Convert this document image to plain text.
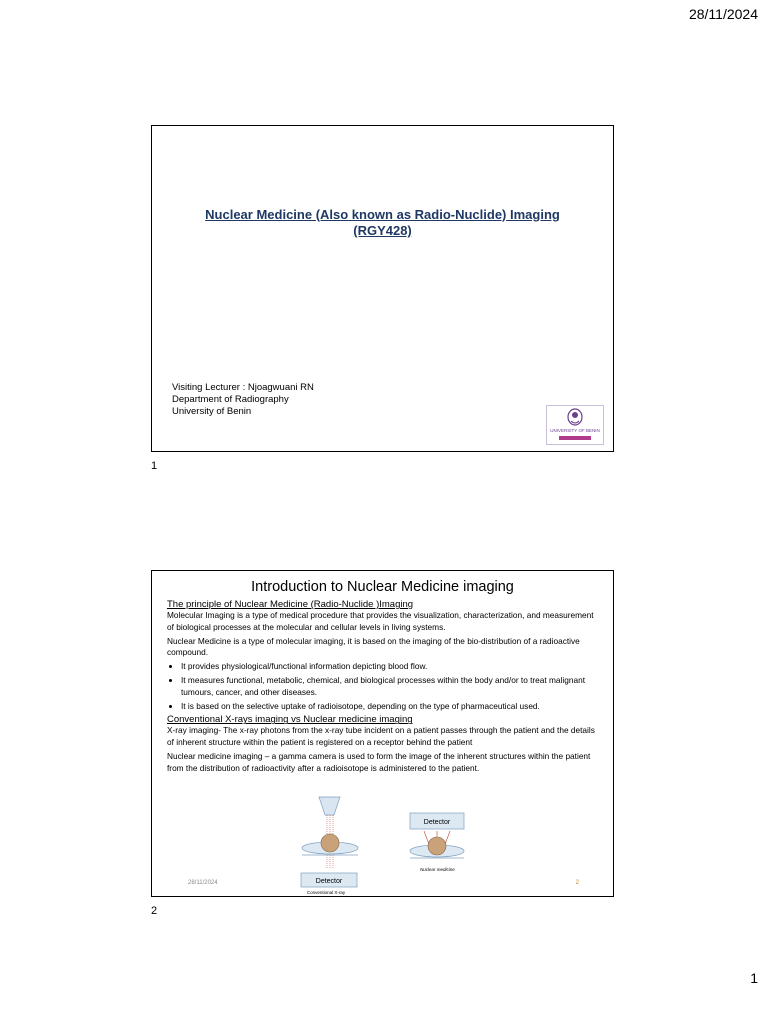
28/11/2024
Nuclear Medicine (Also known as Radio-Nuclide) Imaging
(RGY428)
Visiting Lecturer : Njoagwuani RN
Department of Radiography
University of Benin
UNIVERSITY OF BENIN
1
Introduction to Nuclear Medicine imaging
The principle of Nuclear Medicine (Radio-Nuclide )Imaging

Molecular Imaging is a type of medical procedure that provides the visualization, characterization, and measurement of biological processes at the molecular and cellular levels in living systems.

Nuclear Medicine is a type of molecular imaging, it is based on the imaging of the bio-distribution of a radioactive compound.

• It provides physiological/functional information depicting blood flow.
• It measures functional, metabolic, chemical, and biological processes within the body and/or to treat malignant tumours, cancer, and other diseases.
• It is based on the selective uptake of radioisotope, depending on the type of pharmaceutical used.
Conventional X-rays imaging vs Nuclear medicine imaging

X-ray imaging- The x-ray photons from the x-ray tube incident on a patient passes through the patient and the details of inherent structure within the patient is registered on a receptor behind the patient

Nuclear medicine imaging – a gamma camera is used to form the image of the inherent structures within the patient from the distribution of radioactivity after a radioisotope is administered to the patient.

Detector
Conventional X-ray
Detector
Nuclear medicine
28/11/2024	2
2
1
